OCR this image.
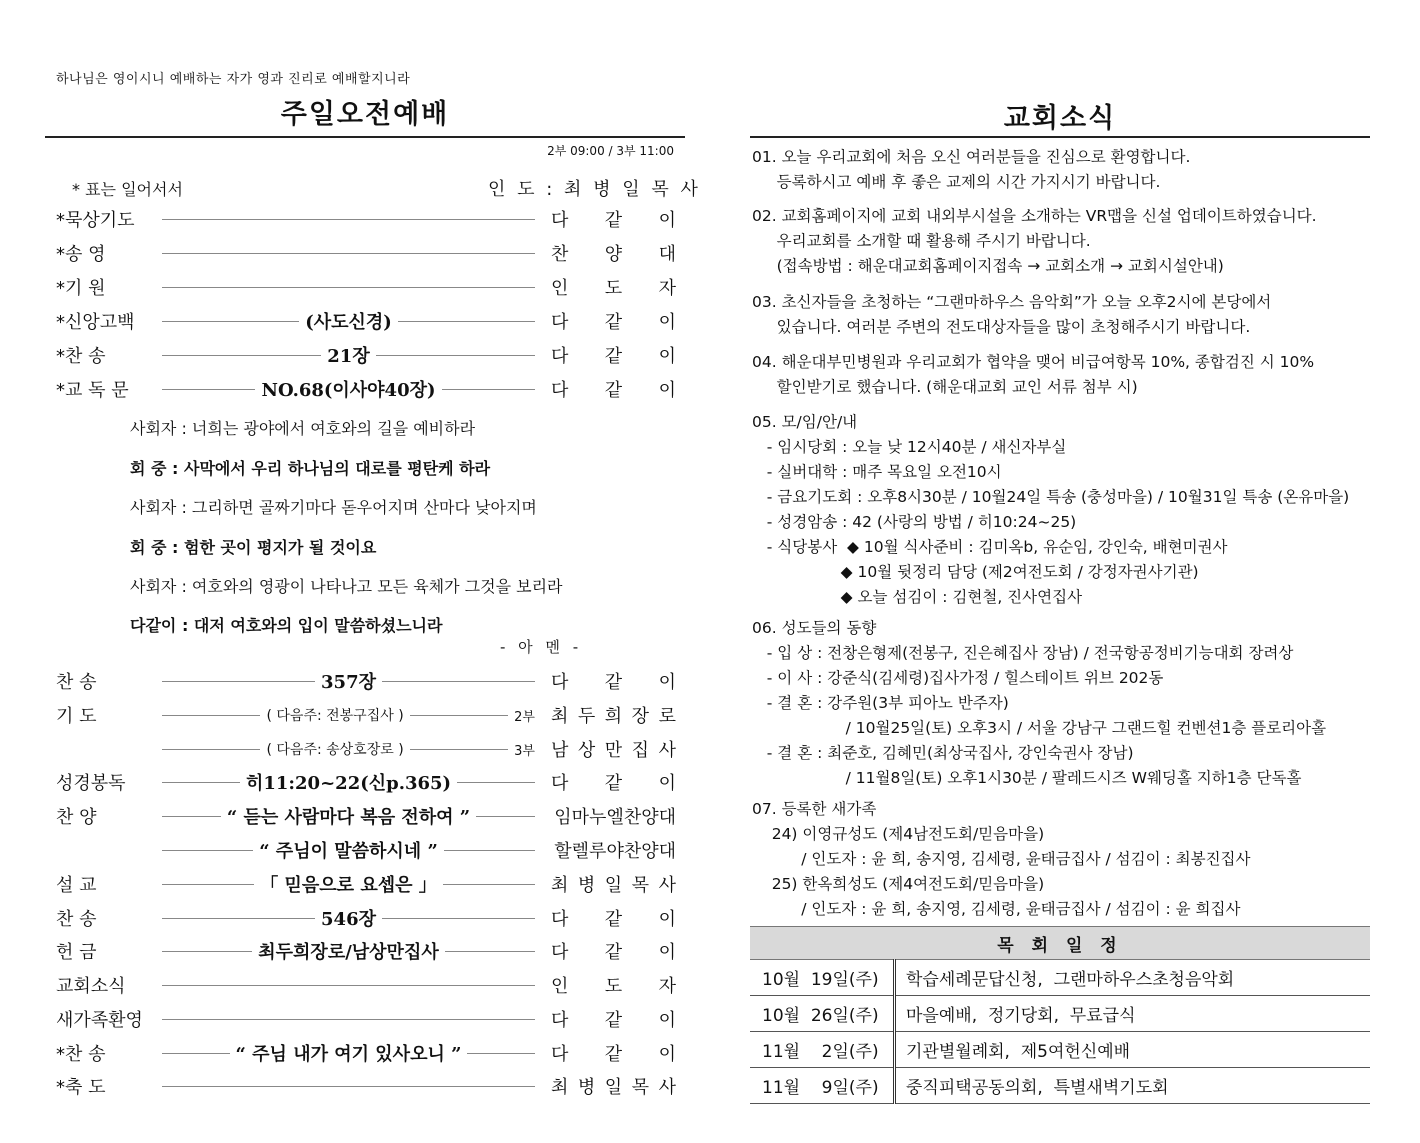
하나님은 영이시니 예배하는 자가 영과 진리로 예배할지니라
주일오전예배
2부 09:00 / 3부 11:00
* 표는 일어서서	인 도 : 최 병 일 목 사
*묵상기도	다 같 이
*송 영	찬 양 대
*기 원	인 도 자
*신앙고백	(사도신경)	다 같 이
*찬 송	21장	다 같 이
*교 독 문	NO.68(이사야40장)	다 같 이
사회자 : 너희는 광야에서 여호와의 길을 예비하라
회 중 : 사막에서 우리 하나님의 대로를 평탄케 하라
사회자 : 그리하면 골짜기마다 돋우어지며 산마다 낮아지며
회 중 : 험한 곳이 평지가 될 것이요
사회자 : 여호와의 영광이 나타나고 모든 육체가 그것을 보리라
다같이 : 대저 여호와의 입이 말씀하셨느니라
- 아 멘 -
찬 송	357장	다 같 이
기 도	( 다음주: 전봉구집사 )	2부 최 두 희 장 로
( 다음주: 송상호장로 )	3부 남 상 만 집 사
성경봉독	히11:20~22(신p.365)	다 같 이
찬 양	“ 듣는 사람마다 복음 전하여 ”	임마누엘찬양대
“ 주님이 말씀하시네 ”	할렐루야찬양대
설 교	「 믿음으로 요셉은 」	최 병 일 목 사
찬 송	546장	다 같 이
헌 금	최두희장로/남상만집사	다 같 이
교회소식	인 도 자
새가족환영	다 같 이
*찬 송	“ 주님 내가 여기 있사오니 ”	다 같 이
*축 도	최 병 일 목 사
교회소식
01. 오늘 우리교회에 처음 오신 여러분들을 진심으로 환영합니다.
등록하시고 예배 후 좋은 교제의 시간 가지시기 바랍니다.
02. 교회홈페이지에 교회 내외부시설을 소개하는 VR맵을 신설 업데이트하였습니다.
우리교회를 소개할 때 활용해 주시기 바랍니다.
(접속방법 : 해운대교회홈페이지접속 → 교회소개 → 교회시설안내)
03. 초신자들을 초청하는 “그랜마하우스 음악회”가 오늘 오후2시에 본당에서
있습니다. 여러분 주변의 전도대상자들을 많이 초청해주시기 바랍니다.
04. 해운대부민병원과 우리교회가 협약을 맺어 비급여항목 10%, 종합검진 시 10%
할인받기로 했습니다. (해운대교회 교인 서류 첨부 시)
05. 모/임/안/내
- 임시당회 : 오늘 낮 12시40분 / 새신자부실
- 실버대학 : 매주 목요일 오전10시
- 금요기도회 : 오후8시30분 / 10월24일 특송 (충성마을) / 10월31일 특송 (온유마을)
- 성경암송 : 42 (사랑의 방법 / 히10:24~25)
- 식당봉사  ◆ 10월 식사준비 : 김미옥b, 유순임, 강인숙, 배현미권사
◆ 10월 뒷정리 담당 (제2여전도회 / 강정자권사기관)
◆ 오늘 섬김이 : 김현철, 진사연집사
06. 성도들의 동향
- 입 상 : 전창은형제(전봉구, 진은혜집사 장남) / 전국항공정비기능대회 장려상
- 이 사 : 강준식(김세령)집사가정 / 힐스테이트 위브 202동
- 결 혼 : 강주원(3부 피아노 반주자)
/ 10월25일(토) 오후3시 / 서울 강남구 그랜드힐 컨벤션1층 플로리아홀
- 결 혼 : 최준호, 김혜민(최상국집사, 강인숙권사 장남)
/ 11월8일(토) 오후1시30분 / 팔레드시즈 W웨딩홀 지하1층 단독홀
07. 등록한 새가족
24) 이영규성도 (제4남전도회/믿음마을)
/ 인도자 : 윤 희, 송지영, 김세령, 윤태금집사 / 섬김이 : 최봉진집사
25) 한옥희성도 (제4여전도회/믿음마을)
/ 인도자 : 윤 희, 송지영, 김세령, 윤태금집사 / 섬김이 : 윤 희집사
목 회 일 정	
10월  19일(주)	학습세례문답신청,  그랜마하우스초청음악회
10월  26일(주)	마을예배,  정기당회,  무료급식
11월    2일(주)	기관별월례회,  제5여헌신예배
11월    9일(주)	중직피택공동의회,  특별새벽기도회
